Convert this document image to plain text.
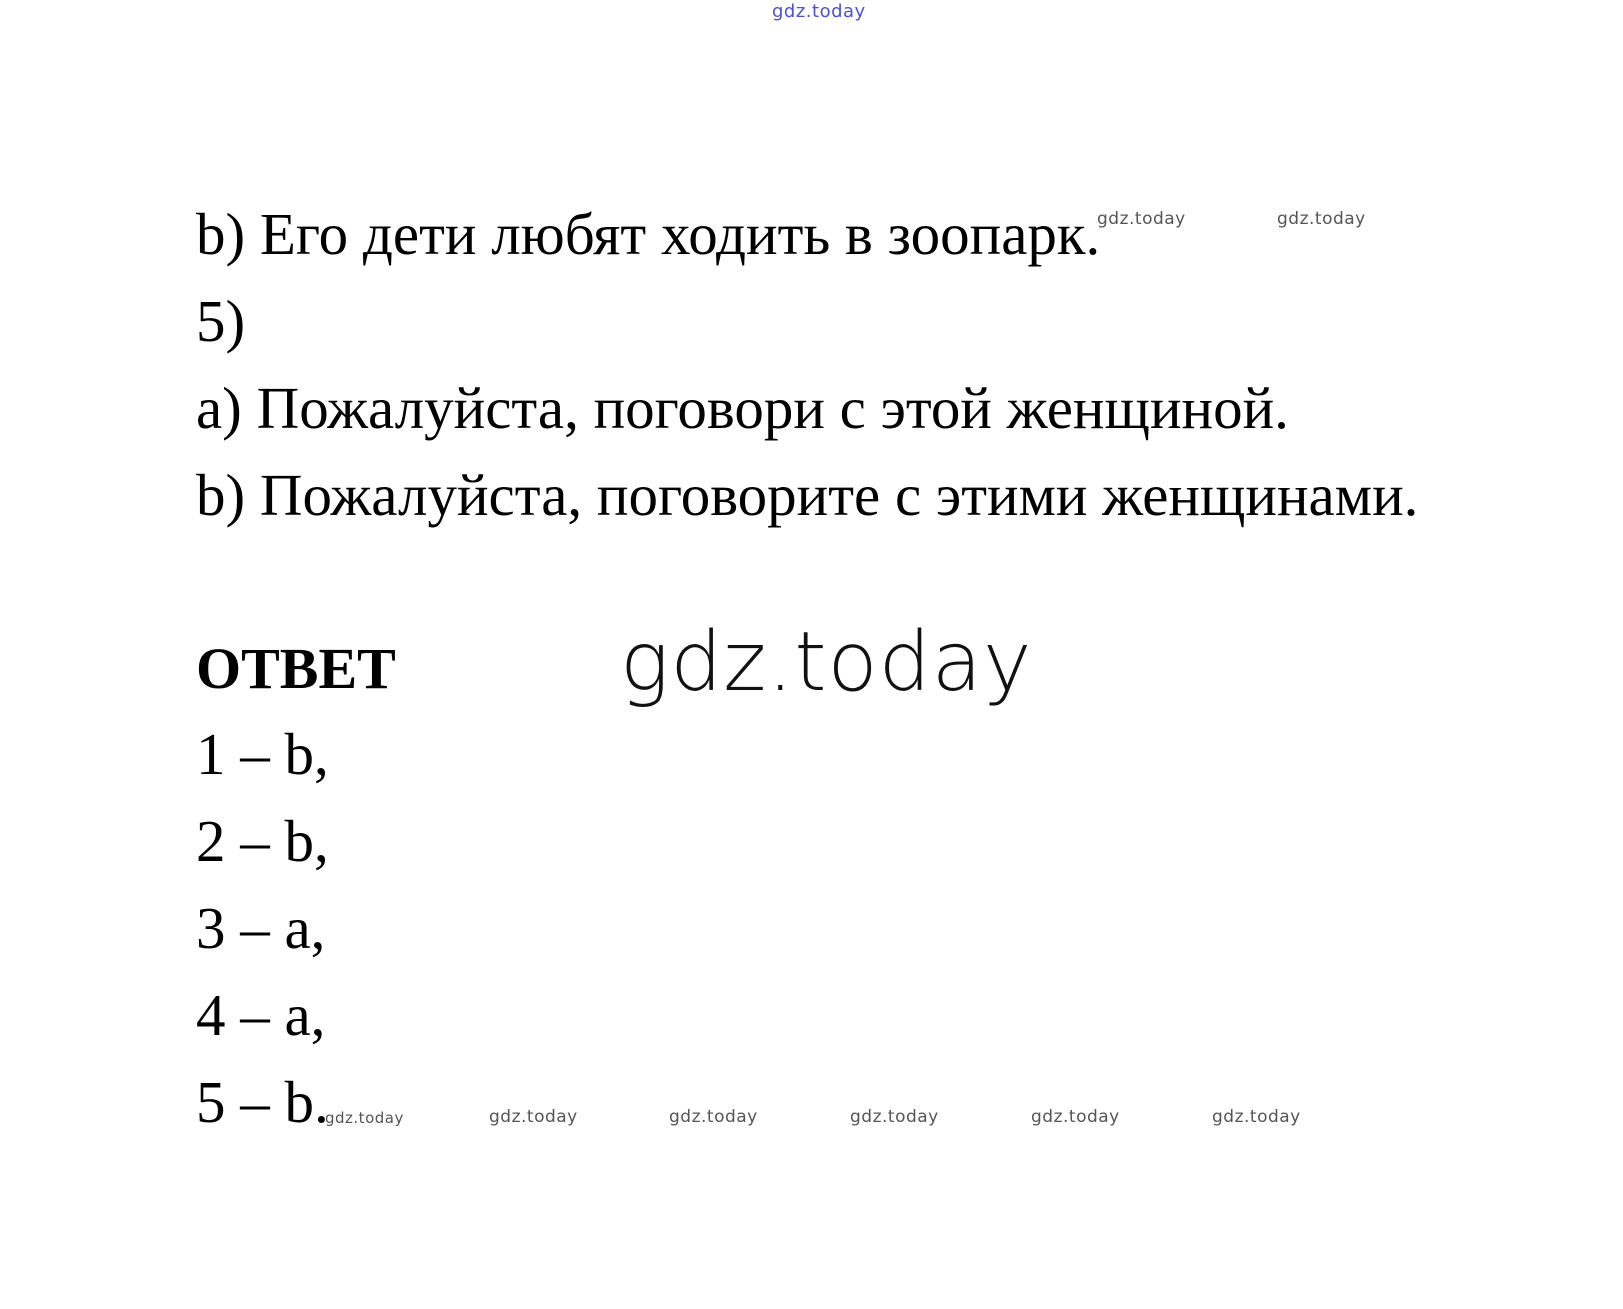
gdz.today

b) Его дети любят ходить в зоопарк.

gdz.today	gdz.today

5)

a) Пожалуйста, поговори с этой женщиной.

b) Пожалуйста, поговорите с этими женщинами.

ОТВЕТ	gdz.today

1 – b,

2 – b,

3 – a,

4 – a,

5 – b.

gdz.today	gdz.today	gdz.today	gdz.today	gdz.today	gdz.today
